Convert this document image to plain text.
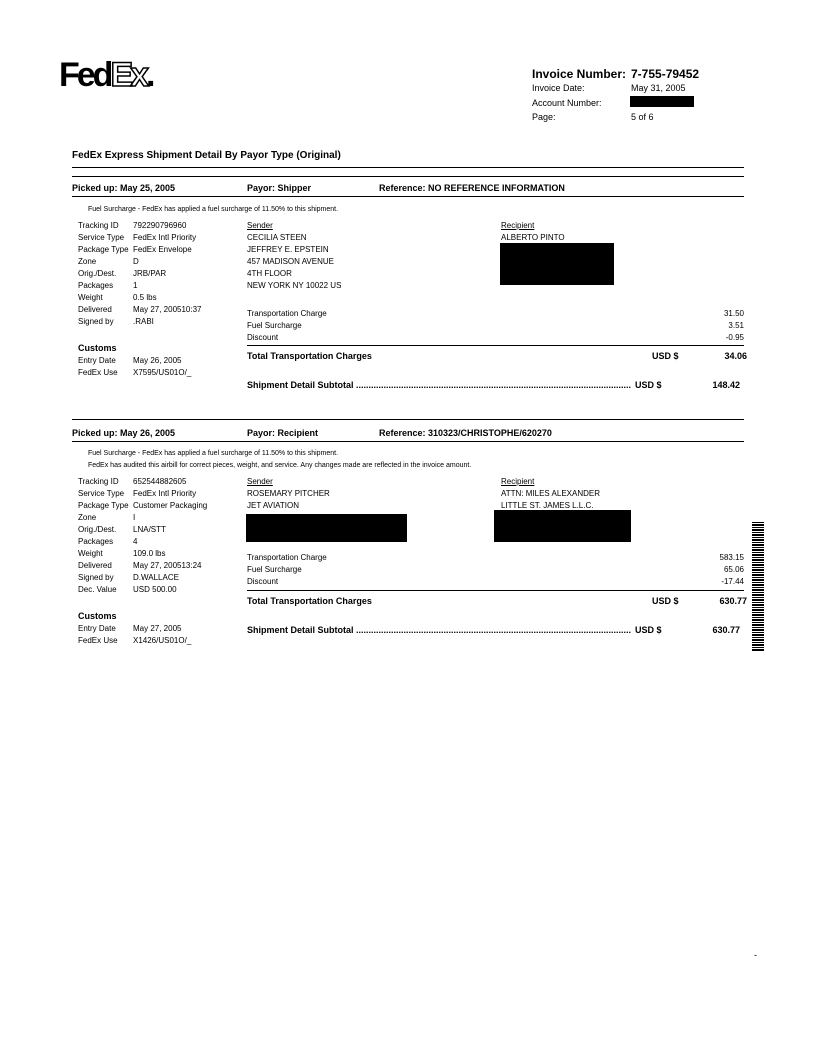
FedEx.	Invoice Number: 7-755-79452
Invoice Date:	May 31, 2005
Account Number:
Page:	5 of 6
FedEx Express Shipment Detail By Payor Type (Original)
Picked up: May 25, 2005	Payor: Shipper	Reference: NO REFERENCE INFORMATION
Fuel Surcharge - FedEx has applied a fuel surcharge of 11.50% to this shipment.
Tracking ID 792290796960
Service Type FedEx Intl Priority
Package Type FedEx Envelope
Zone	D
Orig./Dest. JRB/PAR
Packages 1
Weight	0.5 lbs
Delivered	May 27, 200510:37
Signed by .RABI
Customs
Entry Date May 26, 2005
FedEx Use X7595/US01O/_
Sender
CECILIA STEEN
JEFFREY E. EPSTEIN
457 MADISON AVENUE
4TH FLOOR
NEW YORK NY 10022 US
Recipient
ALBERTO PINTO
Transportation Charge	31.50
Fuel Surcharge	3.51
Discount	-0.95
Total Transportation Charges	USD $	34.06
Shipment Detail Subtotal .............................................................................................................. USD $	148.42
Picked up: May 26, 2005	Payor: Recipient	Reference: 310323/CHRISTOPHE/620270
Fuel Surcharge - FedEx has applied a fuel surcharge of 11.50% to this shipment.
FedEx has audited this airbill for correct pieces, weight, and service. Any changes made are reflected in the invoice amount.
Tracking ID 652544882605
Service Type FedEx Intl Priority
Package Type Customer Packaging
Zone	I
Orig./Dest. LNA/STT
Packages 4
Weight	109.0 lbs
Delivered	May 27, 200513:24
Signed by D.WALLACE
Dec. Value USD 500.00
Customs
Entry Date May 27, 2005
FedEx Use X1426/US01O/_
Sender
ROSEMARY PITCHER
JET AVIATION
Recipient
ATTN: MILES ALEXANDER
LITTLE ST. JAMES L.L.C.
Transportation Charge	583.15
Fuel Surcharge	65.06
Discount	-17.44
Total Transportation Charges	USD $	630.77
Shipment Detail Subtotal .............................................................................................................. USD $	630.77
-
